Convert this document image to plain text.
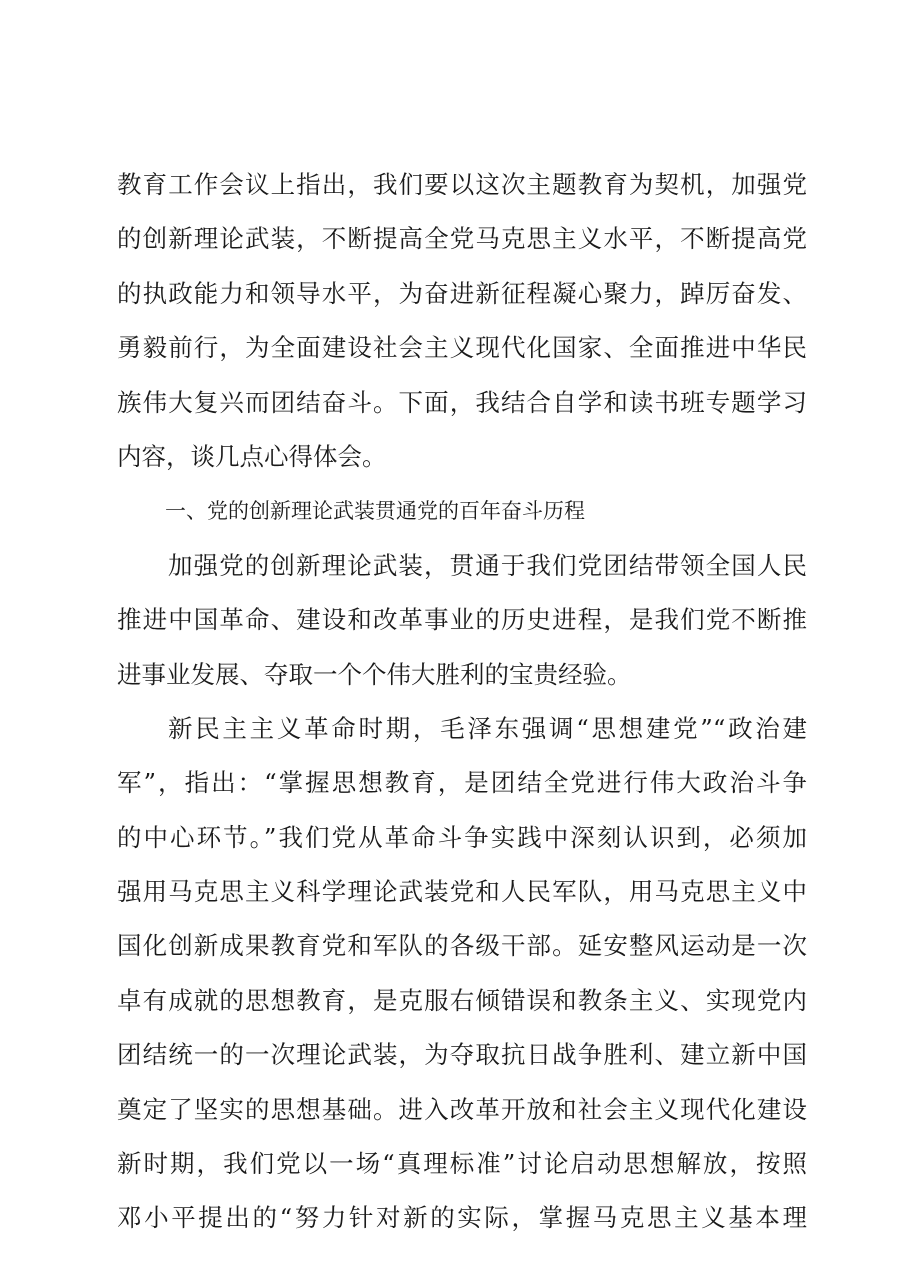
教育工作会议上指出，我们要以这次主题教育为契机，加强党
的创新理论武装，不断提高全党马克思主义水平，不断提高党
的执政能力和领导水平，为奋进新征程凝心聚力，踔厉奋发、
勇毅前行，为全面建设社会主义现代化国家、全面推进中华民
族伟大复兴而团结奋斗。下面，我结合自学和读书班专题学习
内容，谈几点心得体会。
一、党的创新理论武装贯通党的百年奋斗历程
加强党的创新理论武装，贯通于我们党团结带领全国人民
推进中国革命、建设和改革事业的历史进程，是我们党不断推
进事业发展、夺取一个个伟大胜利的宝贵经验。
新民主主义革命时期，毛泽东强调“思想建党”“政治建
军”，指出：“掌握思想教育，是团结全党进行伟大政治斗争
的中心环节。”我们党从革命斗争实践中深刻认识到，必须加
强用马克思主义科学理论武装党和人民军队，用马克思主义中
国化创新成果教育党和军队的各级干部。延安整风运动是一次
卓有成就的思想教育，是克服右倾错误和教条主义、实现党内
团结统一的一次理论武装，为夺取抗日战争胜利、建立新中国
奠定了坚实的思想基础。进入改革开放和社会主义现代化建设
新时期，我们党以一场“真理标准”讨论启动思想解放，按照
邓小平提出的“努力针对新的实际，掌握马克思主义基本理
